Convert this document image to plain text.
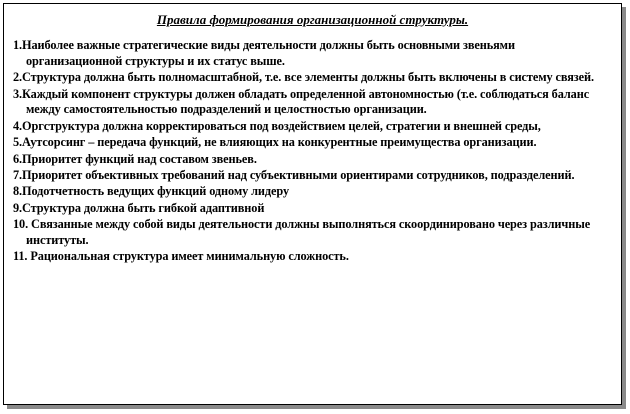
Правила формирования организационной структуры.
1.Наиболее важные стратегические виды деятельности должны быть основными звеньями организационной структуры и их статус выше.
2.Структура должна быть полномасштабной, т.е. все элементы должны быть включены в систему связей.
3.Каждый компонент структуры должен обладать определенной автономностью (т.е. соблюдаться баланс между самостоятельностью подразделений и целостностью организации.
4.Оргструктура должна корректироваться под воздействием целей, стратегии и внешней среды,
5.Аутсорсинг – передача функций, не влияющих на конкурентные преимущества организации.
6.Приоритет функций над составом звеньев.
7.Приоритет объективных требований над субъективными ориентирами сотрудников, подразделений.
8.Подотчетность ведущих функций одному лидеру
9.Структура должна быть гибкой адаптивной
10. Связанные между собой виды деятельности должны выполняться скоординировано через различные институты.
11. Рациональная структура имеет минимальную сложность.
